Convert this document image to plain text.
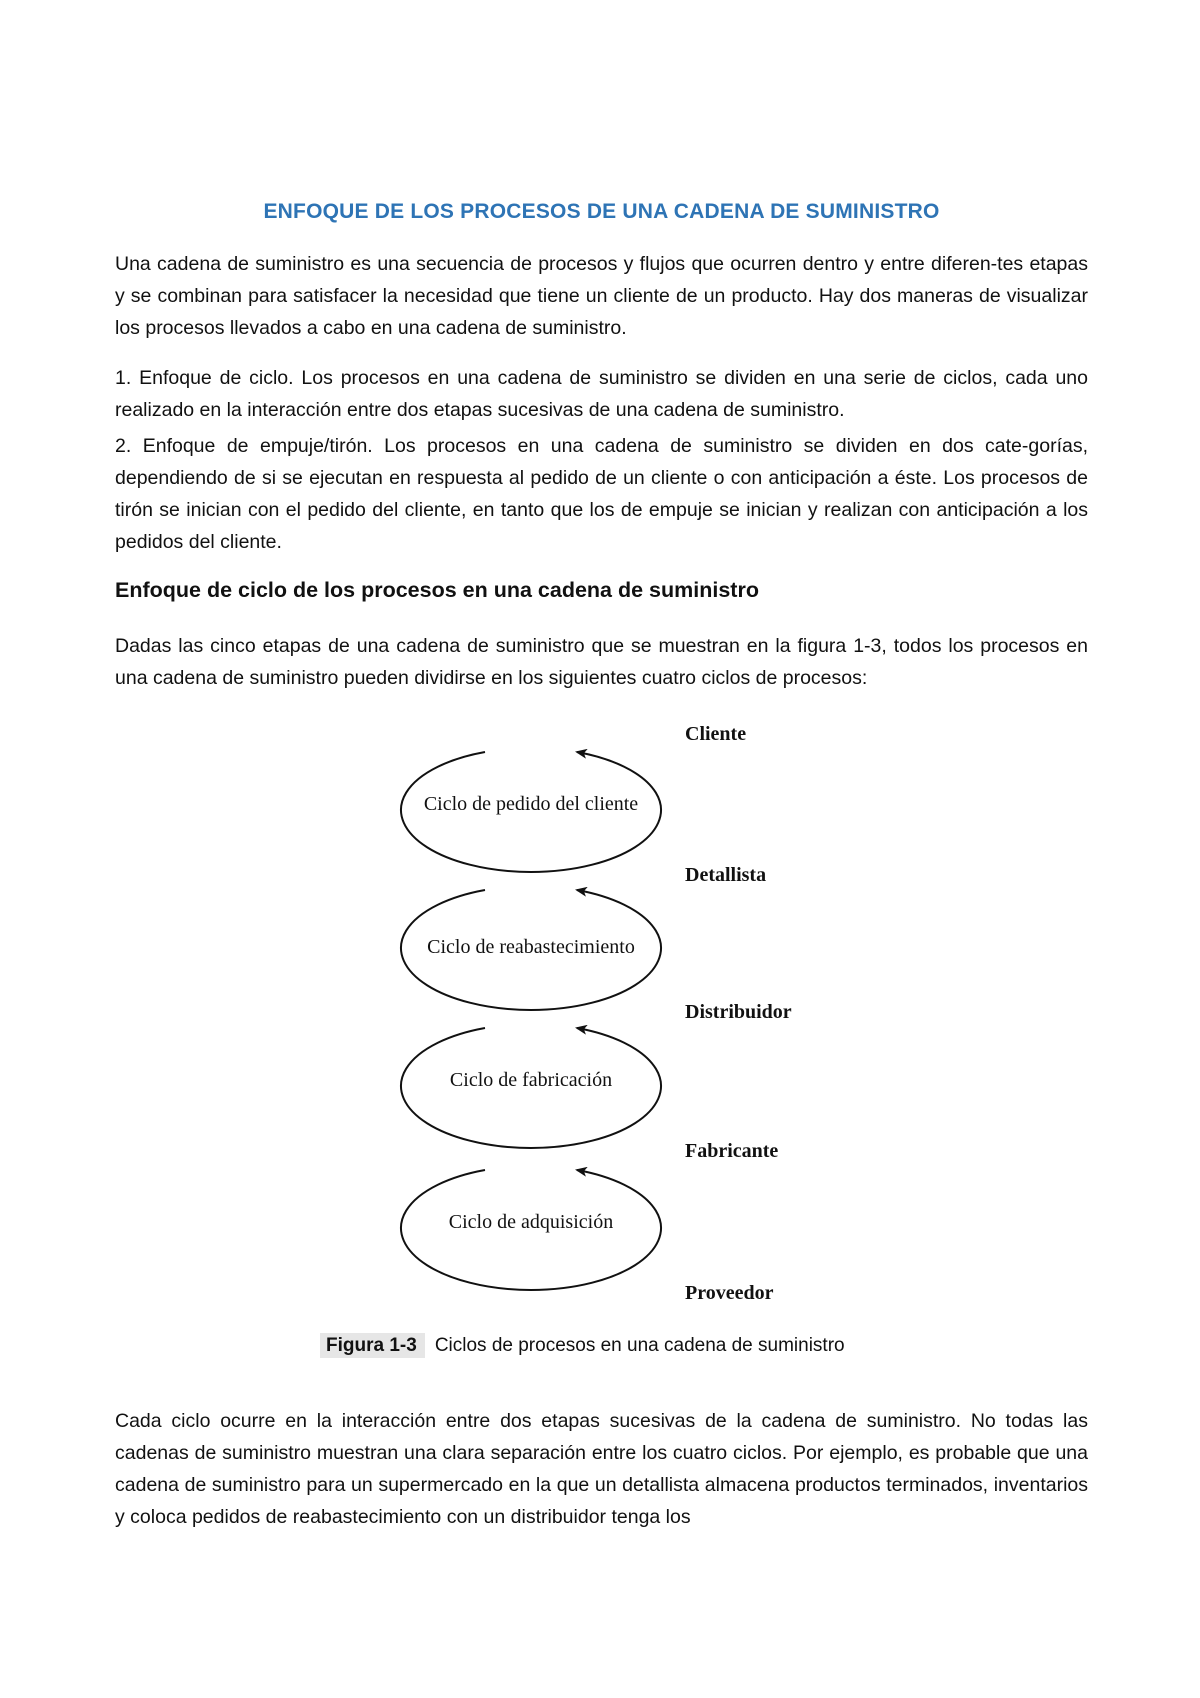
ENFOQUE DE LOS PROCESOS DE UNA CADENA DE SUMINISTRO

Una cadena de suministro es una secuencia de procesos y flujos que ocurren dentro y entre diferen-tes etapas y se combinan para satisfacer la necesidad que tiene un cliente de un producto. Hay dos maneras de visualizar los procesos llevados a cabo en una cadena de suministro.

1. Enfoque de ciclo. Los procesos en una cadena de suministro se dividen en una serie de ciclos, cada uno realizado en la interacción entre dos etapas sucesivas de una cadena de suministro.

2. Enfoque de empuje/tirón. Los procesos en una cadena de suministro se dividen en dos cate-gorías, dependiendo de si se ejecutan en respuesta al pedido de un cliente o con anticipación a éste. Los procesos de tirón se inician con el pedido del cliente, en tanto que los de empuje se inician y realizan con anticipación a los pedidos del cliente.

Enfoque de ciclo de los procesos en una cadena de suministro

Dadas las cinco etapas de una cadena de suministro que se muestran en la figura 1-3, todos los procesos en una cadena de suministro pueden dividirse en los siguientes cuatro ciclos de procesos:

Ciclo de pedido del cliente
Ciclo de reabastecimiento
Ciclo de fabricación
Ciclo de adquisición
Cliente
Detallista
Distribuidor
Fabricante
Proveedor
Figura 1-3 Ciclos de procesos en una cadena de suministro

Cada ciclo ocurre en la interacción entre dos etapas sucesivas de la cadena de suministro. No todas las cadenas de suministro muestran una clara separación entre los cuatro ciclos. Por ejemplo, es probable que una cadena de suministro para un supermercado en la que un detallista almacena productos terminados, inventarios y coloca pedidos de reabastecimiento con un distribuidor tenga los
